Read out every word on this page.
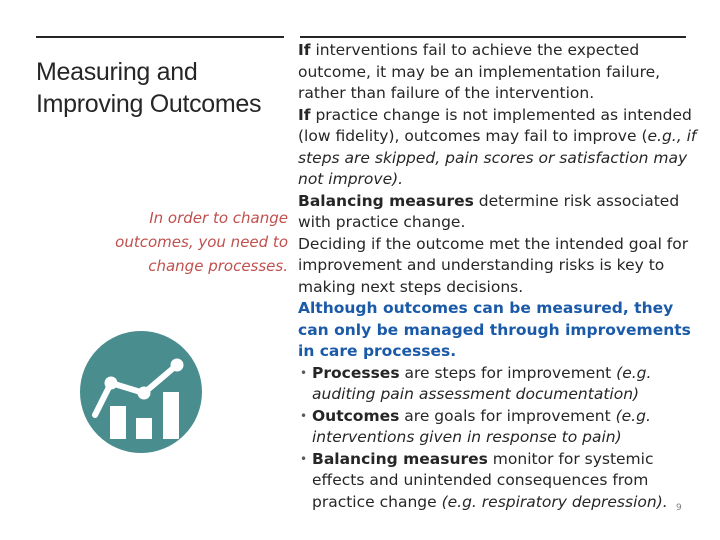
Measuring and Improving Outcomes
In order to change outcomes, you need to change processes.

If interventions fail to achieve the expected outcome, it may be an implementation failure, rather than failure of the intervention.

If practice change is not implemented as intended (low fidelity), outcomes may fail to improve (e.g., if steps are skipped, pain scores or satisfaction may not improve).

Balancing measures determine risk associated with practice change.

Deciding if the outcome met the intended goal for improvement and understanding risks is key to making next steps decisions.

Although outcomes can be measured, they can only be managed through improvements in care processes.

• Processes are steps for improvement (e.g. auditing pain assessment documentation)
• Outcomes are goals for improvement (e.g. interventions given in response to pain)
• Balancing measures monitor for systemic effects and unintended consequences from practice change (e.g. respiratory depression). 9
